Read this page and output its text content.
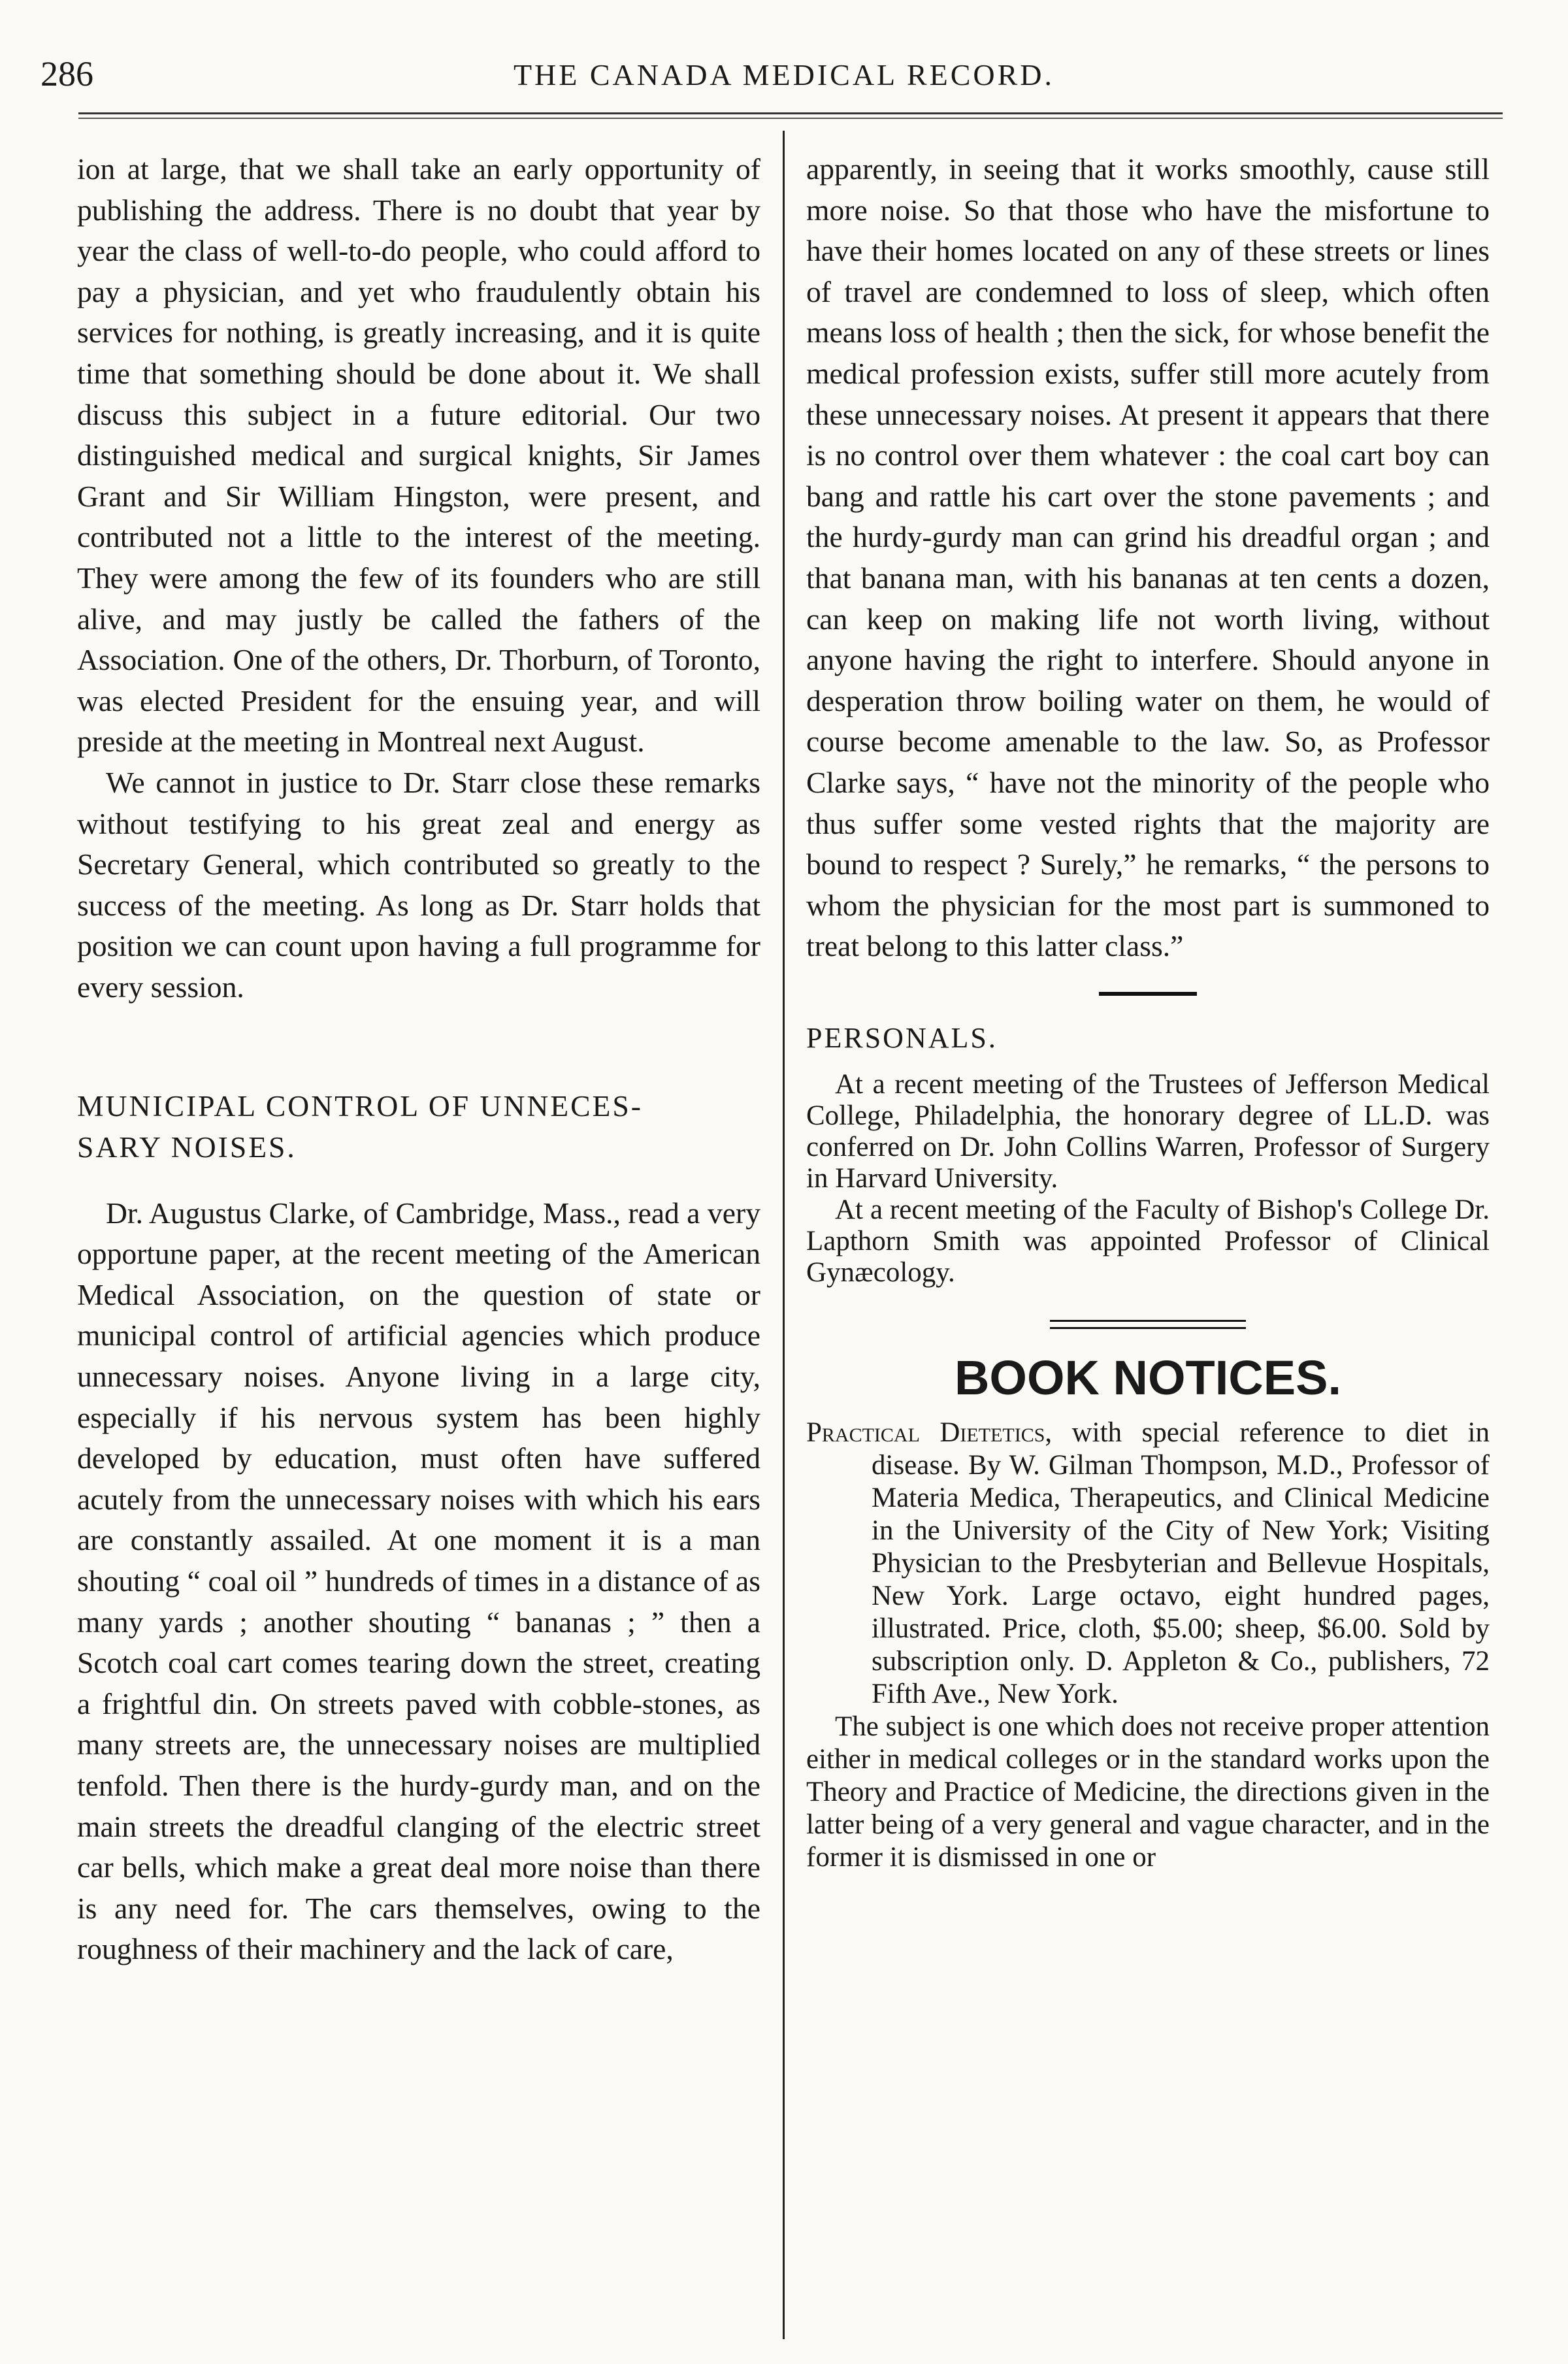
286	THE CANADA MEDICAL RECORD.

ion at large, that we shall take an early opportunity of publishing the address. There is no doubt that year by year the class of well-to-do people, who could afford to pay a physician, and yet who fraudulently obtain his services for nothing, is greatly increasing, and it is quite time that something should be done about it. We shall discuss this subject in a future editorial. Our two distinguished medical and surgical knights, Sir James Grant and Sir William Hingston, were present, and contributed not a little to the interest of the meeting. They were among the few of its founders who are still alive, and may justly be called the fathers of the Association. One of the others, Dr. Thorburn, of Toronto, was elected President for the ensuing year, and will preside at the meeting in Montreal next August.

We cannot in justice to Dr. Starr close these remarks without testifying to his great zeal and energy as Secretary General, which contributed so greatly to the success of the meeting. As long as Dr. Starr holds that position we can count upon having a full programme for every session.

MUNICIPAL CONTROL OF UNNECES-

SARY NOISES.

Dr. Augustus Clarke, of Cambridge, Mass., read a very opportune paper, at the recent meeting of the American Medical Association, on the question of state or municipal control of artificial agencies which produce unnecessary noises. Anyone living in a large city, especially if his nervous system has been highly developed by education, must often have suffered acutely from the unnecessary noises with which his ears are constantly assailed. At one moment it is a man shouting “ coal oil ” hundreds of times in a distance of as many yards ; another shouting “ bananas ; ” then a Scotch coal cart comes tearing down the street, creating a frightful din. On streets paved with cobble-stones, as many streets are, the unnecessary noises are multiplied tenfold. Then there is the hurdy-gurdy man, and on the main streets the dreadful clanging of the electric street car bells, which make a great deal more noise than there is any need for. The cars themselves, owing to the roughness of their machinery and the lack of care,

apparently, in seeing that it works smoothly, cause still more noise. So that those who have the misfortune to have their homes located on any of these streets or lines of travel are condemned to loss of sleep, which often means loss of health ; then the sick, for whose benefit the medical profession exists, suffer still more acutely from these unnecessary noises. At present it appears that there is no control over them whatever : the coal cart boy can bang and rattle his cart over the stone pavements ; and the hurdy-gurdy man can grind his dreadful organ ; and that banana man, with his bananas at ten cents a dozen, can keep on making life not worth living, without anyone having the right to interfere. Should anyone in desperation throw boiling water on them, he would of course become amenable to the law. So, as Professor Clarke says, “ have not the minority of the people who thus suffer some vested rights that the majority are bound to respect ? Surely,” he remarks, “ the persons to whom the physician for the most part is summoned to treat belong to this latter class.”

PERSONALS.

At a recent meeting of the Trustees of Jefferson Medical College, Philadelphia, the honorary degree of LL.D. was conferred on Dr. John Collins Warren, Professor of Surgery in Harvard University.

At a recent meeting of the Faculty of Bishop's College Dr. Lapthorn Smith was appointed Professor of Clinical Gynæcology.

BOOK NOTICES.

Practical Dietetics, with special reference to diet in disease. By W. Gilman Thompson, M.D., Professor of Materia Medica, Therapeutics, and Clinical Medicine in the University of the City of New York; Visiting Physician to the Presbyterian and Bellevue Hospitals, New York. Large octavo, eight hundred pages, illustrated. Price, cloth, $5.00; sheep, $6.00. Sold by subscription only. D. Appleton & Co., publishers, 72 Fifth Ave., New York.

The subject is one which does not receive proper attention either in medical colleges or in the standard works upon the Theory and Practice of Medicine, the directions given in the latter being of a very general and vague character, and in the former it is dismissed in one or
